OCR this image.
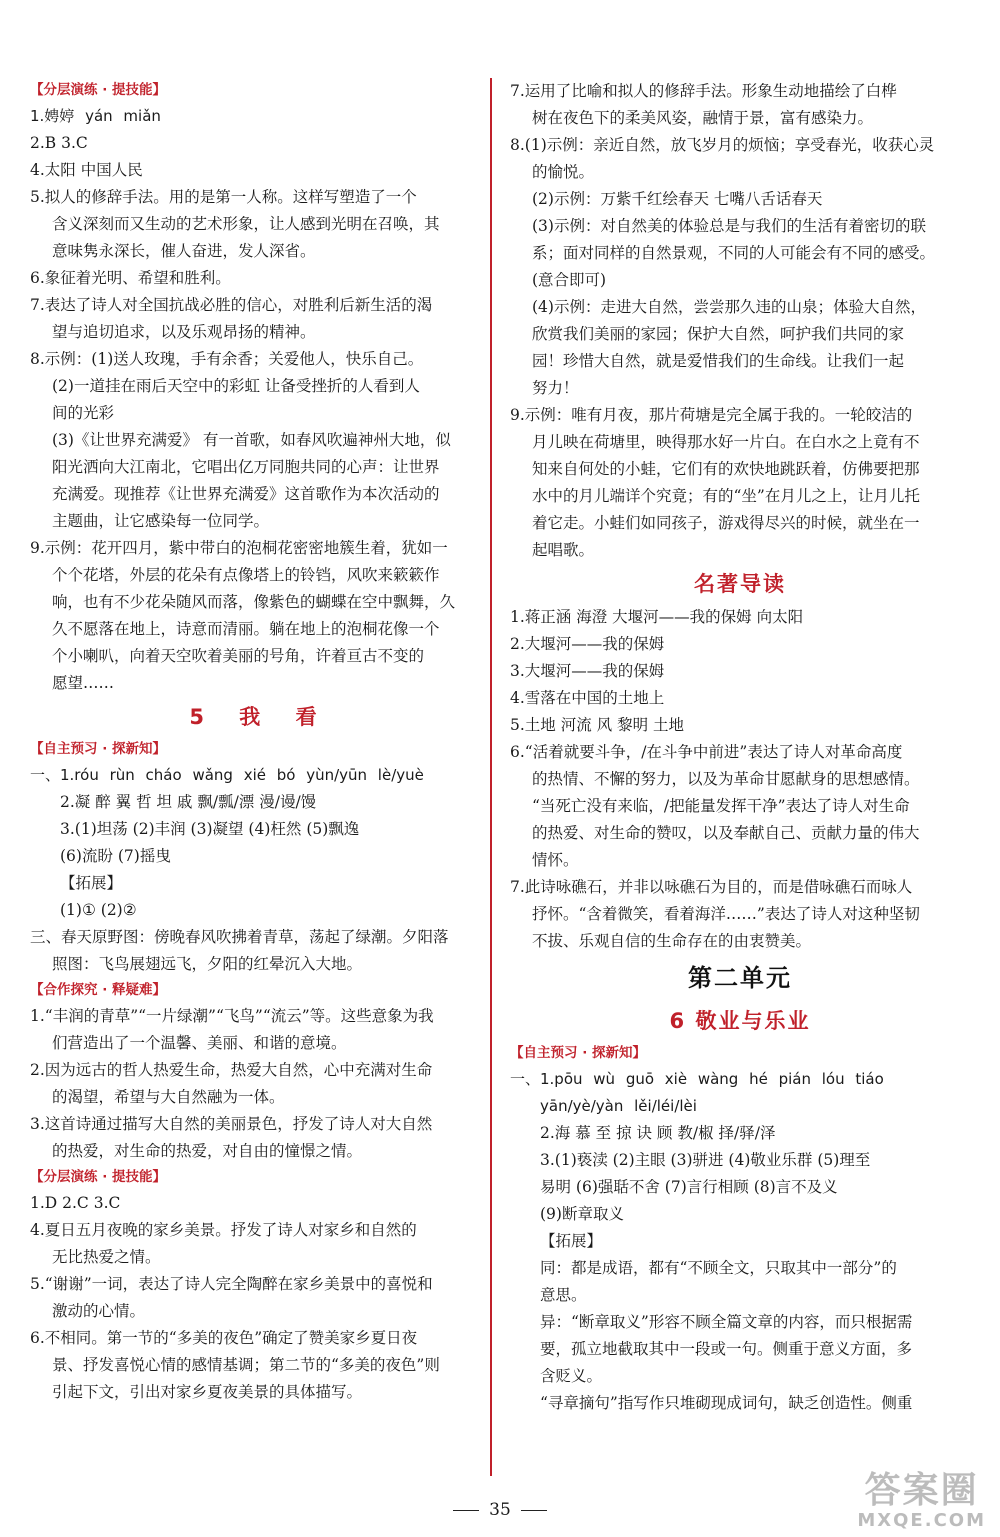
【分层演练 · 提技能】
1.娉婷 yán miǎn
2.B 3.C
4.太阳 中国人民
5.拟人的修辞手法。用的是第一人称。这样写塑造了一个
含义深刻而又生动的艺术形象，让人感到光明在召唤，其
意味隽永深长，催人奋进，发人深省。
6.象征着光明、希望和胜利。
7.表达了诗人对全国抗战必胜的信心，对胜利后新生活的渴
望与追切追求，以及乐观昂扬的精神。
8.示例：(1)送人玫瑰，手有余香；关爱他人，快乐自己。
(2)一道挂在雨后天空中的彩虹 让备受挫折的人看到人
间的光彩
(3)《让世界充满爱》 有一首歌，如春风吹遍神州大地，似
阳光洒向大江南北，它唱出亿万同胞共同的心声：让世界
充满爱。现推荐《让世界充满爱》这首歌作为本次活动的
主题曲，让它感染每一位同学。
9.示例：花开四月，紫中带白的泡桐花密密地簇生着，犹如一
个个花塔，外层的花朵有点像塔上的铃铛，风吹来簌簌作
响，也有不少花朵随风而落，像紫色的蝴蝶在空中飘舞，久
久不愿落在地上，诗意而清丽。躺在地上的泡桐花像一个
个小喇叭，向着天空吹着美丽的号角，许着亘古不变的
愿望……
5 我 看
【自主预习 · 探新知】
一、1.róu rùn cháo wǎng xié bó yùn/yūn lè/yuè
2.凝 醉 翼 哲 坦 戚 飘/瓢/漂 漫/谩/馒
3.(1)坦荡 (2)丰润 (3)凝望 (4)枉然 (5)飘逸
(6)流盼 (7)摇曳
【拓展】
(1)① (2)②
三、春天原野图：傍晚春风吹拂着青草，荡起了绿潮。夕阳落
照图：飞鸟展翅远飞，夕阳的红晕沉入大地。
【合作探究 · 释疑难】
1.“丰润的青草”“一片绿潮”“飞鸟”“流云”等。这些意象为我
们营造出了一个温馨、美丽、和谐的意境。
2.因为远古的哲人热爱生命，热爱大自然，心中充满对生命
的渴望，希望与大自然融为一体。
3.这首诗通过描写大自然的美丽景色，抒发了诗人对大自然
的热爱，对生命的热爱，对自由的憧憬之情。
【分层演练 · 提技能】
1.D 2.C 3.C
4.夏日五月夜晚的家乡美景。抒发了诗人对家乡和自然的
无比热爱之情。
5.“谢谢”一词，表达了诗人完全陶醉在家乡美景中的喜悦和
激动的心情。
6.不相同。第一节的“多美的夜色”确定了赞美家乡夏日夜
景、抒发喜悦心情的感情基调；第二节的“多美的夜色”则
引起下文，引出对家乡夏夜美景的具体描写。
7.运用了比喻和拟人的修辞手法。形象生动地描绘了白桦
树在夜色下的柔美风姿，融情于景，富有感染力。
8.(1)示例：亲近自然，放飞岁月的烦恼；享受春光，收获心灵
的愉悦。
(2)示例：万紫千红绘春天 七嘴八舌话春天
(3)示例：对自然美的体验总是与我们的生活有着密切的联
系；面对同样的自然景观，不同的人可能会有不同的感受。
(意合即可)
(4)示例：走进大自然，尝尝那久违的山泉；体验大自然，
欣赏我们美丽的家园；保护大自然，呵护我们共同的家
园！珍惜大自然，就是爱惜我们的生命线。让我们一起
努力！
9.示例：唯有月夜，那片荷塘是完全属于我的。一轮皎洁的
月儿映在荷塘里，映得那水好一片白。在白水之上竟有不
知来自何处的小蛙，它们有的欢快地跳跃着，仿佛要把那
水中的月儿端详个究竟；有的“坐”在月儿之上，让月儿托
着它走。小蛙们如同孩子，游戏得尽兴的时候，就坐在一
起唱歌。
名著导读
1.蒋正涵 海澄 大堰河——我的保姆 向太阳
2.大堰河——我的保姆
3.大堰河——我的保姆
4.雪落在中国的土地上
5.土地 河流 风 黎明 土地
6.“活着就要斗争，/在斗争中前进”表达了诗人对革命高度
的热情、不懈的努力，以及为革命甘愿献身的思想感情。
“当死亡没有来临，/把能量发挥干净”表达了诗人对生命
的热爱、对生命的赞叹，以及奉献自己、贡献力量的伟大
情怀。
7.此诗咏礁石，并非以咏礁石为目的，而是借咏礁石而咏人
抒怀。“含着微笑，看着海洋……”表达了诗人对这种坚韧
不拔、乐观自信的生命存在的由衷赞美。
第二单元
6 敬业与乐业
【自主预习 · 探新知】
一、1.pōu wù guō xiè wàng hé pián lóu tiáo
yān/yè/yàn lěi/léi/lèi
2.海 慕 至 掠 诀 顾 教/椒 择/驿/泽
3.(1)亵渎 (2)主眼 (3)骈进 (4)敬业乐群 (5)理至
易明 (6)强聒不舍 (7)言行相顾 (8)言不及义
(9)断章取义
【拓展】
同：都是成语，都有“不顾全文，只取其中一部分”的
意思。
异：“断章取义”形容不顾全篇文章的内容，而只根据需
要，孤立地截取其中一段或一句。侧重于意义方面，多
含贬义。
“寻章摘句”指写作只堆砌现成词句，缺乏创造性。侧重
35	答案圈
MXQE.COM
